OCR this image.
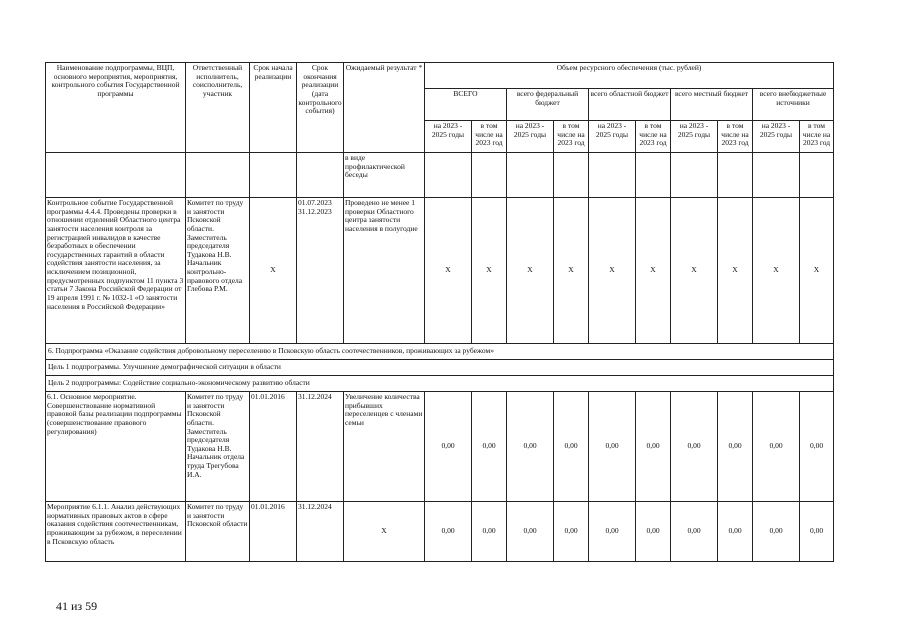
Наименование подпрограммы, ВЦП, основного мероприятия, мероприятия, контрольного события Государственной программы	Ответственный исполнитель, соисполнитель, участник	Срок начала реализации	Срок окончания реализации (дата контрольного события)	Ожидаемый результат *	Объем ресурсного обеспечения (тыс. рублей)									
					ВСЕГО		всего федеральный бюджет		всего областной бюджет		всего местный бюджет		всего внебюджетные источники	
					на 2023 - 2025 годы	в том числе на 2023 год	на 2023 - 2025 годы	в том числе на 2023 год	на 2023 - 2025 годы	в том числе на 2023 год	на 2023 - 2025 годы	в том числе на 2023 год	на 2023 - 2025 годы	в том числе на 2023 год
				в виде профилактической беседы										
Контрольное событие Государственной программы 4.4.4. Проведены проверки в отношении отделений Областного центра занятости населения контроля за регистрацией инвалидов в качестве безработных в обеспечении государственных гарантий в области содействия занятости населения, за исключением позиционной, предусмотренных подпунктом 11 пункта 3 статьи 7 Закона Российской Федерации от 19 апреля 1991 г. № 1032-1 «О занятости населения в Российской Федерации»	Комитет по труду и занятости Псковской области. Заместитель председателя Тудакова Н.В. Начальник контрольно-правового отдела Глебова Р.М.	Х	01.07.2023 31.12.2023	Проведено не менее 1 проверки Областного центра занятости населения в полугодие	Х	Х	Х	Х	Х	Х	Х	Х	Х	Х
6. Подпрограмма «Оказание содействия добровольному переселению в Псковскую область соотечественников, проживающих за рубежом»														
Цель 1 подпрограммы. Улучшение демографической ситуации в области														
Цель 2 подпрограммы: Содействие социально-экономическому развитию области														
6.1. Основное мероприятие. Совершенствование нормативной правовой базы реализации подпрограммы (совершенствование правового регулирования)	Комитет по труду и занятости Псковской области. Заместитель председателя Тудакова Н.В. Начальник отдела труда Трегубова И.А.	01.01.2016	31.12.2024	Увеличение количества прибывших переселенцев с членами семьи	0,00	0,00	0,00	0,00	0,00	0,00	0,00	0,00	0,00	0,00
Мероприятие 6.1.1. Анализ действующих нормативных правовых актов в сфере оказания содействия соотечественникам, проживающим за рубежом, в переселении в Псковскую область	Комитет по труду и занятости Псковской области	01.01.2016	31.12.2024	Х	0,00	0,00	0,00	0,00	0,00	0,00	0,00	0,00	0,00	0,00
41 из 59
